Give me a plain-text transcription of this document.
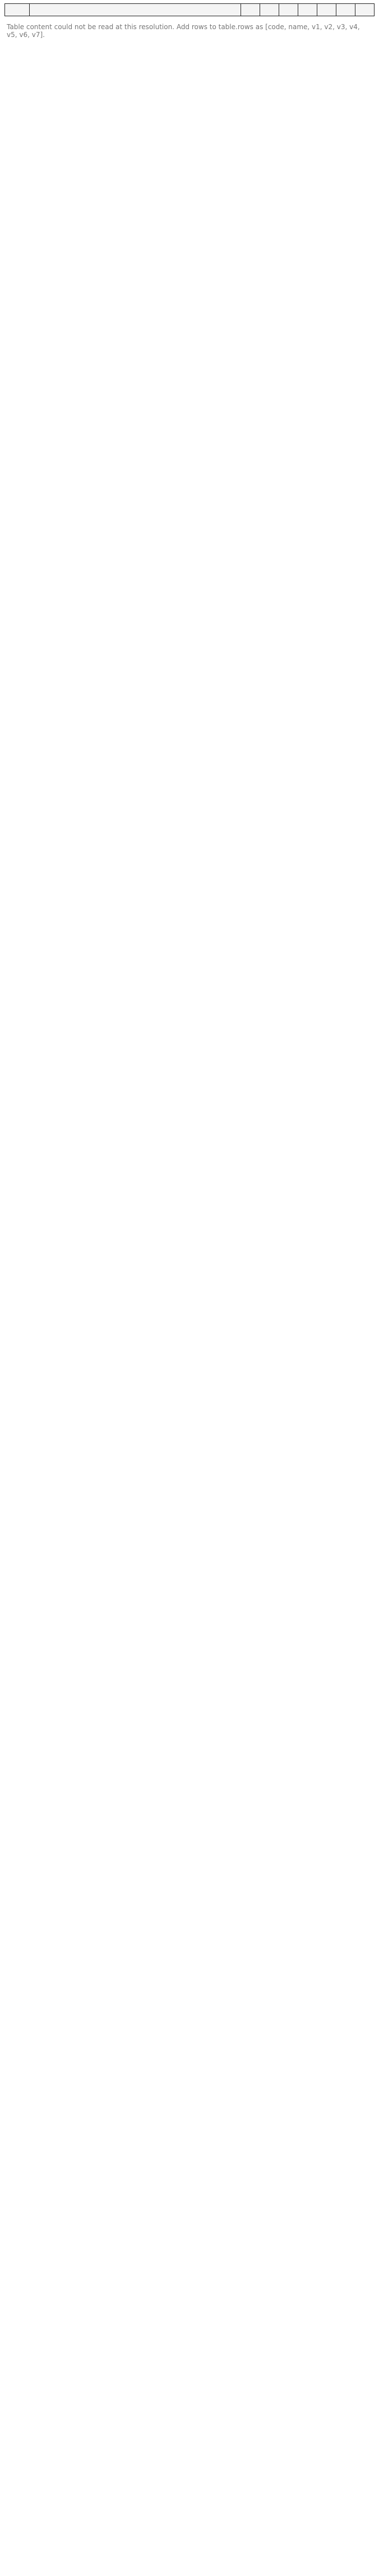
Table content could not be read at this resolution. Add rows to table.rows as [code, name, v1, v2, v3, v4, v5, v6, v7].
